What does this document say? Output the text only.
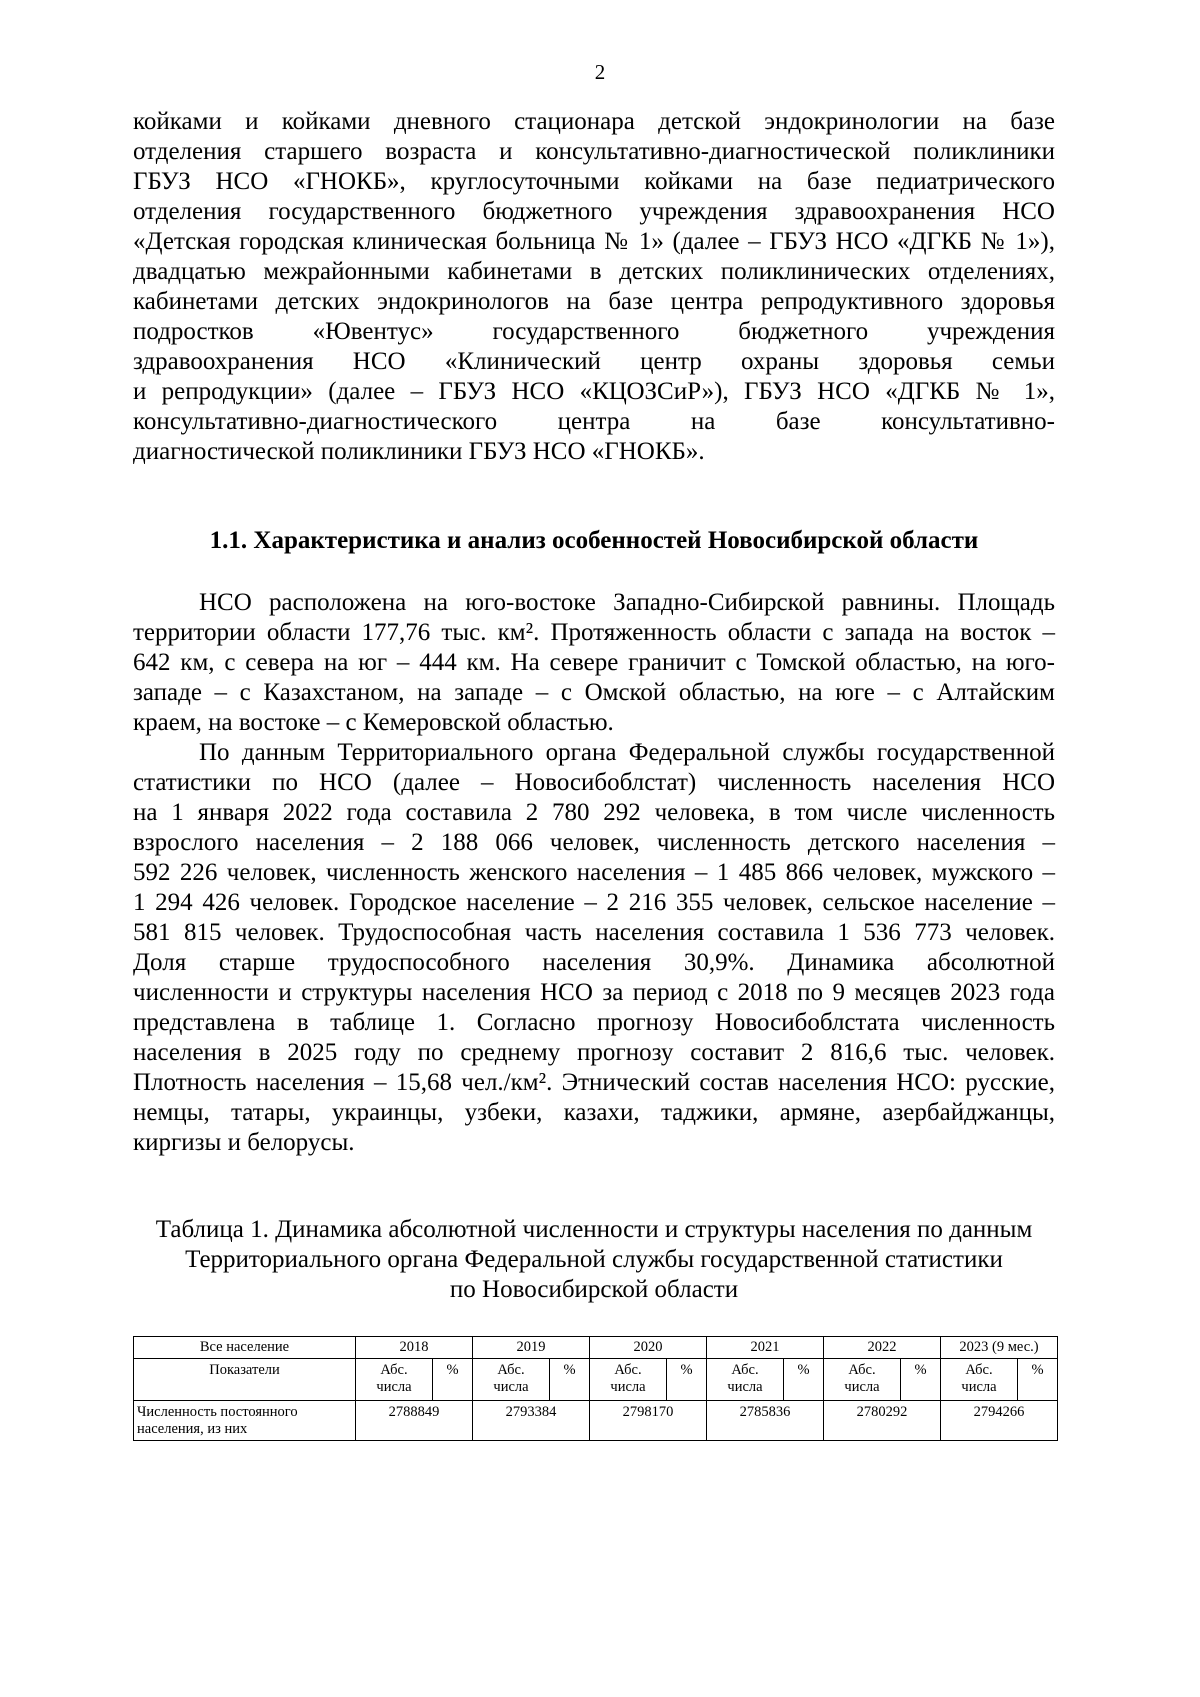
2
койками и койками дневного стационара детской эндокринологии на базе
отделения старшего возраста и консультативно-диагностической поликлиники
ГБУЗ НСО «ГНОКБ», круглосуточными койками на базе педиатрического
отделения государственного бюджетного учреждения здравоохранения НСО
«Детская городская клиническая больница № 1» (далее – ГБУЗ НСО «ДГКБ № 1»),
двадцатью межрайонными кабинетами в детских поликлинических отделениях,
кабинетами детских эндокринологов на базе центра репродуктивного здоровья
подростков «Ювентус» государственного бюджетного учреждения
здравоохранения НСО «Клинический центр охраны здоровья семьи
и репродукции» (далее – ГБУЗ НСО «КЦОЗСиР»), ГБУЗ НСО «ДГКБ № 1»,
консультативно-диагностического центра на базе консультативно-
диагностической поликлиники ГБУЗ НСО «ГНОКБ».
1.1. Характеристика и анализ особенностей Новосибирской области
НСО расположена на юго-востоке Западно-Сибирской равнины. Площадь
территории области 177,76 тыс. км². Протяженность области с запада на восток –
642 км, с севера на юг – 444 км. На севере граничит с Томской областью, на юго-
западе – с Казахстаном, на западе – с Омской областью, на юге – с Алтайским
краем, на востоке – с Кемеровской областью.
По данным Территориального органа Федеральной службы государственной
статистики по НСО (далее – Новосибоблстат) численность населения НСО
на 1 января 2022 года составила 2 780 292 человека, в том числе численность
взрослого населения – 2 188 066 человек, численность детского населения –
592 226 человек, численность женского населения – 1 485 866 человек, мужского –
1 294 426 человек. Городское население – 2 216 355 человек, сельское население –
581 815 человек. Трудоспособная часть населения составила 1 536 773 человек.
Доля старше трудоспособного населения 30,9%. Динамика абсолютной
численности и структуры населения НСО за период с 2018 по 9 месяцев 2023 года
представлена в таблице 1. Согласно прогнозу Новосибоблстата численность
населения в 2025 году по среднему прогнозу составит 2 816,6 тыс. человек.
Плотность населения – 15,68 чел./км². Этнический состав населения НСО: русские,
немцы, татары, украинцы, узбеки, казахи, таджики, армяне, азербайджанцы,
киргизы и белорусы.
Таблица 1. Динамика абсолютной численности и структуры населения по данным
Территориального органа Федеральной службы государственной статистики
по Новосибирской области
Все население	2018		2019		2020		2021		2022		2023 (9 мес.)	
Показатели	Абс. числа	%	Абс. числа	%	Абс. числа	%	Абс. числа	%	Абс. числа	%	Абс. числа	%

Численность постоянного населения, из них	2788849		2793384		2798170		2785836		2780292		2794266	
